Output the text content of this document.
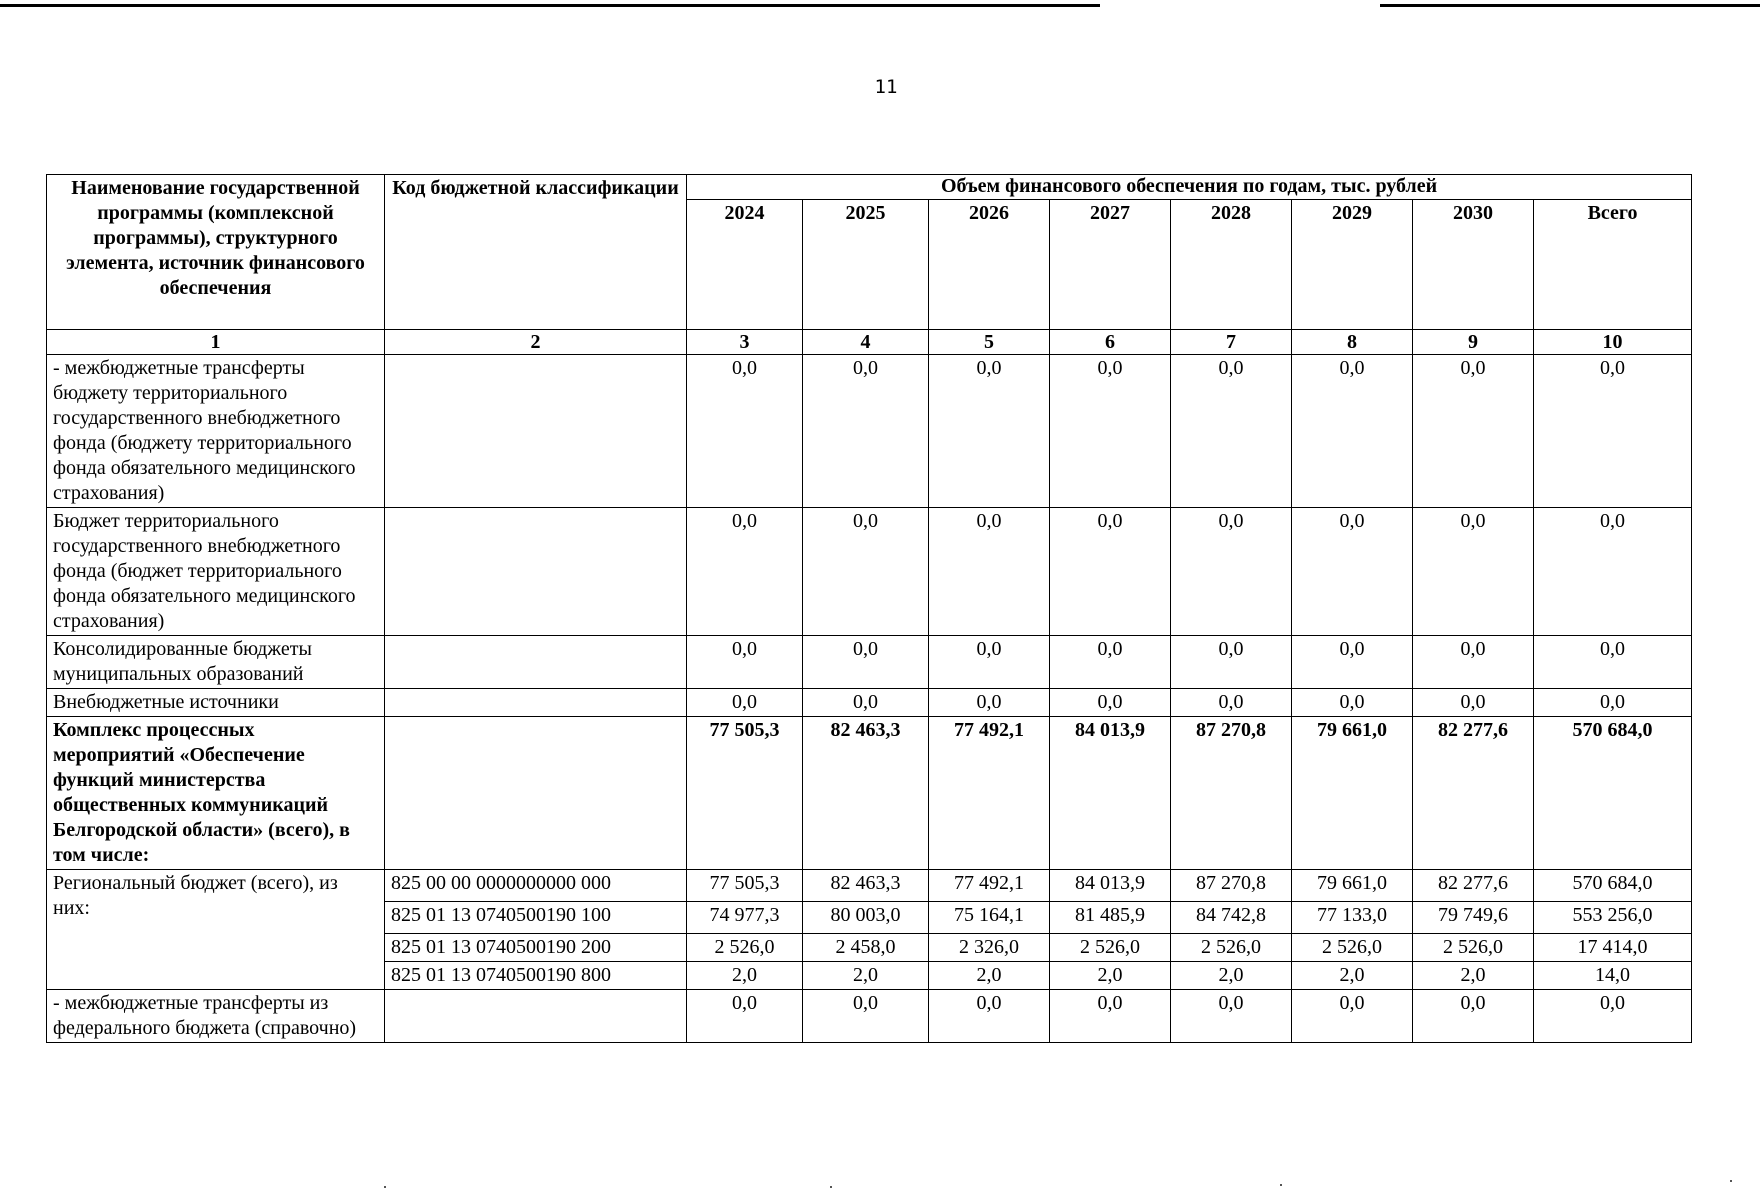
11
Наименование государственной программы (комплексной программы), структурного элемента, источник финансового обеспечения	Код бюджетной классификации	Объем финансового обеспечения по годам, тыс. рублей							
		2024	2025	2026	2027	2028	2029	2030	Всего
1	2	3	4	5	6	7	8	9	10
- межбюджетные трансферты бюджету территориального государственного внебюджетного фонда (бюджету территориального фонда обязательного медицинского страхования)		0,0	0,0	0,0	0,0	0,0	0,0	0,0	0,0
Бюджет территориального государственного внебюджетного фонда (бюджет территориального фонда обязательного медицинского страхования)		0,0	0,0	0,0	0,0	0,0	0,0	0,0	0,0
Консолидированные бюджеты муниципальных образований		0,0	0,0	0,0	0,0	0,0	0,0	0,0	0,0
Внебюджетные источники		0,0	0,0	0,0	0,0	0,0	0,0	0,0	0,0
Комплекс процессных мероприятий «Обеспечение функций министерства общественных коммуникаций Белгородской области» (всего), в том числе:		77 505,3	82 463,3	77 492,1	84 013,9	87 270,8	79 661,0	82 277,6	570 684,0
Региональный бюджет (всего), из них:	825 00 00 0000000000 000	77 505,3	82 463,3	77 492,1	84 013,9	87 270,8	79 661,0	82 277,6	570 684,0
	825 01 13 0740500190 100	74 977,3	80 003,0	75 164,1	81 485,9	84 742,8	77 133,0	79 749,6	553 256,0
	825 01 13 0740500190 200	2 526,0	2 458,0	2 326,0	2 526,0	2 526,0	2 526,0	2 526,0	17 414,0
	825 01 13 0740500190 800	2,0	2,0	2,0	2,0	2,0	2,0	2,0	14,0
- межбюджетные трансферты из федерального бюджета (справочно)		0,0	0,0	0,0	0,0	0,0	0,0	0,0	0,0
